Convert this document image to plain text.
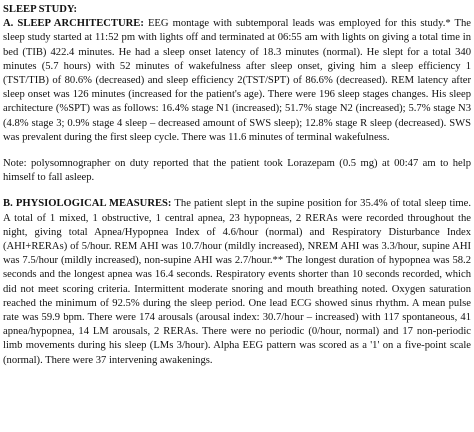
SLEEP STUDY:

A. SLEEP ARCHITECTURE: EEG montage with subtemporal leads was employed for this study.* The sleep study started at 11:52 pm with lights off and terminated at 06:55 am with lights on giving a total time in bed (TIB) 422.4 minutes. He had a sleep onset latency of 18.3 minutes (normal). He slept for a total 340 minutes (5.7 hours) with 52 minutes of wakefulness after sleep onset, giving him a sleep efficiency 1 (TST/TIB) of 80.6% (decreased) and sleep efficiency 2(TST/SPT) of 86.6% (decreased). REM latency after sleep onset was 126 minutes (increased for the patient's age). There were 196 sleep stages changes. His sleep architecture (%SPT) was as follows: 16.4% stage N1 (increased); 51.7% stage N2 (increased); 5.7% stage N3 (4.8% stage 3; 0.9% stage 4 sleep – decreased amount of SWS sleep); 12.8% stage R sleep (decreased). SWS was prevalent during the first sleep cycle. There was 11.6 minutes of terminal wakefulness.

Note: polysomnographer on duty reported that the patient took Lorazepam (0.5 mg) at 00:47 am to help himself to fall asleep.

B. PHYSIOLOGICAL MEASURES: The patient slept in the supine position for 35.4% of total sleep time. A total of 1 mixed, 1 obstructive, 1 central apnea, 23 hypopneas, 2 RERAs were recorded throughout the night, giving total Apnea/Hypopnea Index of 4.6/hour (normal) and Respiratory Disturbance Index (AHI+RERAs) of 5/hour. REM AHI was 10.7/hour (mildly increased), NREM AHI was 3.3/hour, supine AHI was 7.5/hour (mildly increased), non-supine AHI was 2.7/hour.** The longest duration of hypopnea was 58.2 seconds and the longest apnea was 16.4 seconds. Respiratory events shorter than 10 seconds recorded, which did not meet scoring criteria. Intermittent moderate snoring and mouth breathing noted. Oxygen saturation reached the minimum of 92.5% during the sleep period. One lead ECG showed sinus rhythm. A mean pulse rate was 59.9 bpm. There were 174 arousals (arousal index: 30.7/hour – increased) with 117 spontaneous, 41 apnea/hypopnea, 14 LM arousals, 2 RERAs. There were no periodic (0/hour, normal) and 17 non-periodic limb movements during his sleep (LMs 3/hour). Alpha EEG pattern was scored as a '1' on a five-point scale (normal). There were 37 intervening awakenings.
